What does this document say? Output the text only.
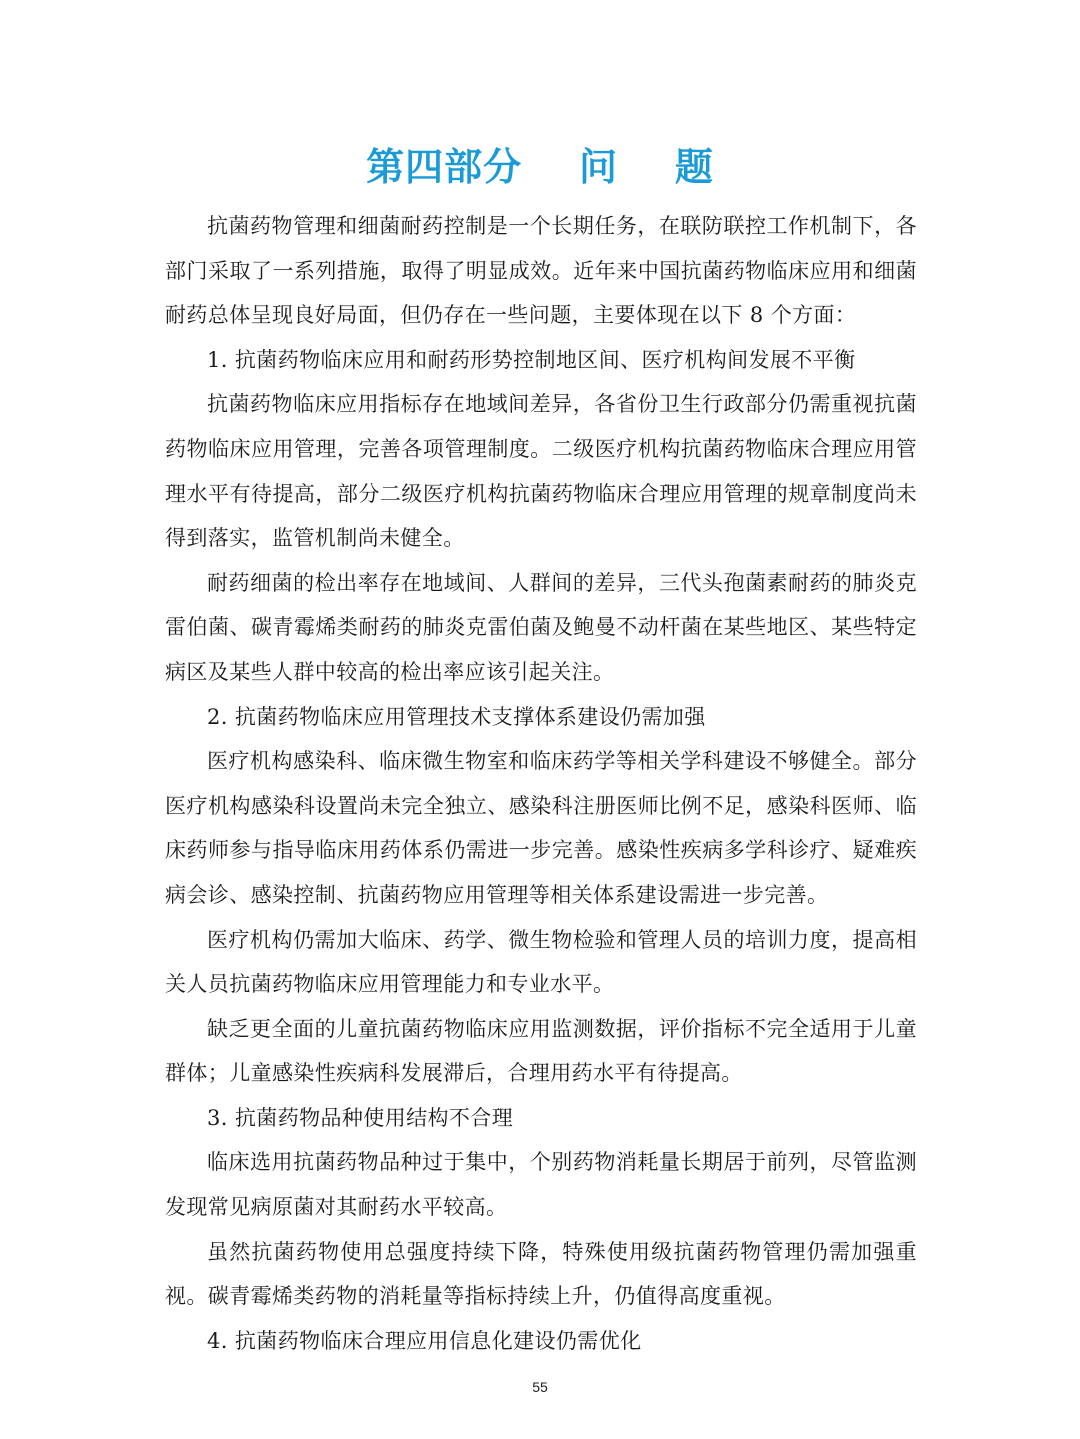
第四部分    问    题

抗菌药物管理和细菌耐药控制是一个长期任务，在联防联控工作机制下，各部门采取了一系列措施，取得了明显成效。近年来中国抗菌药物临床应用和细菌耐药总体呈现良好局面，但仍存在一些问题，主要体现在以下 8 个方面：

1. 抗菌药物临床应用和耐药形势控制地区间、医疗机构间发展不平衡

抗菌药物临床应用指标存在地域间差异，各省份卫生行政部分仍需重视抗菌药物临床应用管理，完善各项管理制度。二级医疗机构抗菌药物临床合理应用管理水平有待提高，部分二级医疗机构抗菌药物临床合理应用管理的规章制度尚未得到落实，监管机制尚未健全。

耐药细菌的检出率存在地域间、人群间的差异，三代头孢菌素耐药的肺炎克雷伯菌、碳青霉烯类耐药的肺炎克雷伯菌及鲍曼不动杆菌在某些地区、某些特定病区及某些人群中较高的检出率应该引起关注。

2. 抗菌药物临床应用管理技术支撑体系建设仍需加强

医疗机构感染科、临床微生物室和临床药学等相关学科建设不够健全。部分医疗机构感染科设置尚未完全独立、感染科注册医师比例不足，感染科医师、临床药师参与指导临床用药体系仍需进一步完善。感染性疾病多学科诊疗、疑难疾病会诊、感染控制、抗菌药物应用管理等相关体系建设需进一步完善。

医疗机构仍需加大临床、药学、微生物检验和管理人员的培训力度，提高相关人员抗菌药物临床应用管理能力和专业水平。

缺乏更全面的儿童抗菌药物临床应用监测数据，评价指标不完全适用于儿童群体；儿童感染性疾病科发展滞后，合理用药水平有待提高。

3. 抗菌药物品种使用结构不合理

临床选用抗菌药物品种过于集中，个别药物消耗量长期居于前列，尽管监测发现常见病原菌对其耐药水平较高。

虽然抗菌药物使用总强度持续下降，特殊使用级抗菌药物管理仍需加强重视。碳青霉烯类药物的消耗量等指标持续上升，仍值得高度重视。

4. 抗菌药物临床合理应用信息化建设仍需优化

55
